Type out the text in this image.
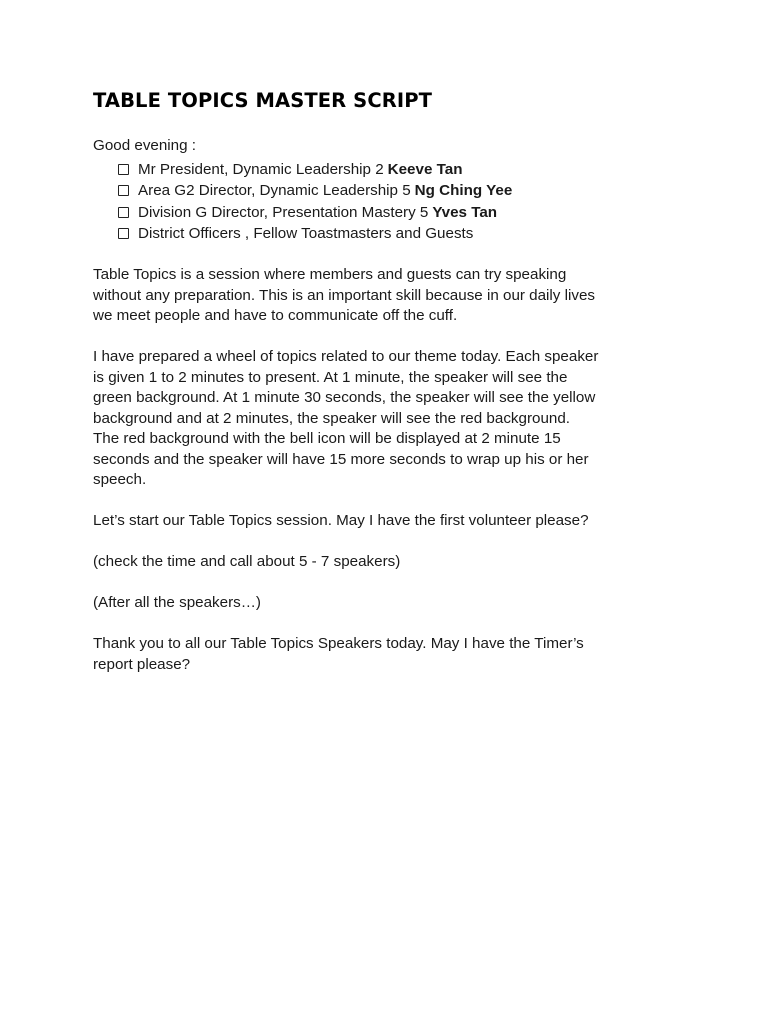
TABLE TOPICS MASTER SCRIPT

Good evening :

Mr President, Dynamic Leadership 2 Keeve Tan
Area G2 Director, Dynamic Leadership 5 Ng Ching Yee
Division G Director, Presentation Mastery 5 Yves Tan
District Officers , Fellow Toastmasters and Guests

Table Topics is a session where members and guests can try speaking

without any preparation. This is an important skill because in our daily lives

we meet people and have to communicate off the cuff.

I have prepared a wheel of topics related to our theme today. Each speaker

is given 1 to 2 minutes to present. At 1 minute, the speaker will see the

green background. At 1 minute 30 seconds, the speaker will see the yellow

background and at 2 minutes, the speaker will see the red background.

The red background with the bell icon will be displayed at 2 minute 15

seconds and the speaker will have 15 more seconds to wrap up his or her

speech.

Let’s start our Table Topics session. May I have the first volunteer please?

(check the time and call about 5 - 7 speakers)

(After all the speakers…)

Thank you to all our Table Topics Speakers today. May I have the Timer’s

report please?
